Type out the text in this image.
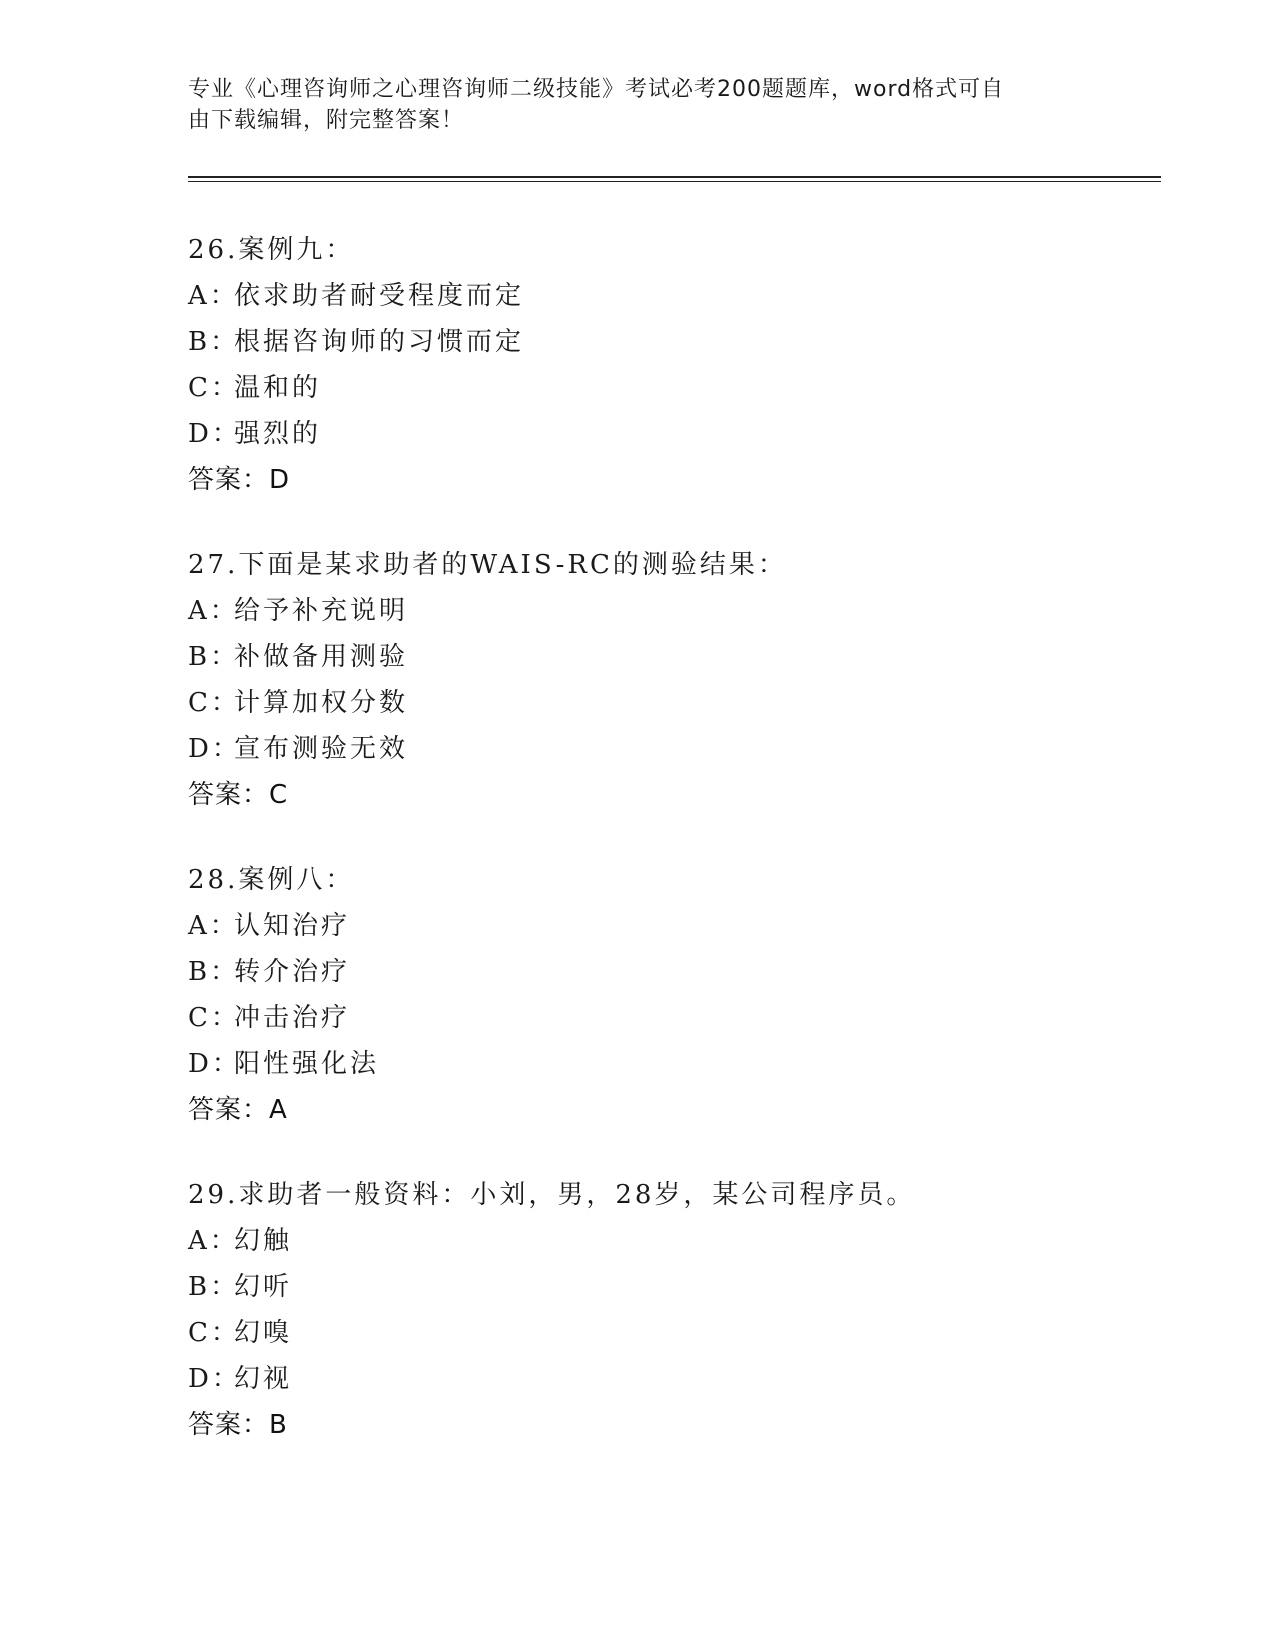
专业《心理咨询师之心理咨询师二级技能》考试必考200题题库，word格式可自
由下载编辑，附完整答案！
26.案例九：
A：依求助者耐受程度而定
B：根据咨询师的习惯而定
C：温和的
D：强烈的
答案：D
27.下面是某求助者的WAIS-RC的测验结果：
A：给予补充说明
B：补做备用测验
C：计算加权分数
D：宣布测验无效
答案：C
28.案例八：
A：认知治疗
B：转介治疗
C：冲击治疗
D：阳性强化法
答案：A
29.求助者一般资料：小刘，男，28岁，某公司程序员。
A：幻触
B：幻听
C：幻嗅
D：幻视
答案：B
